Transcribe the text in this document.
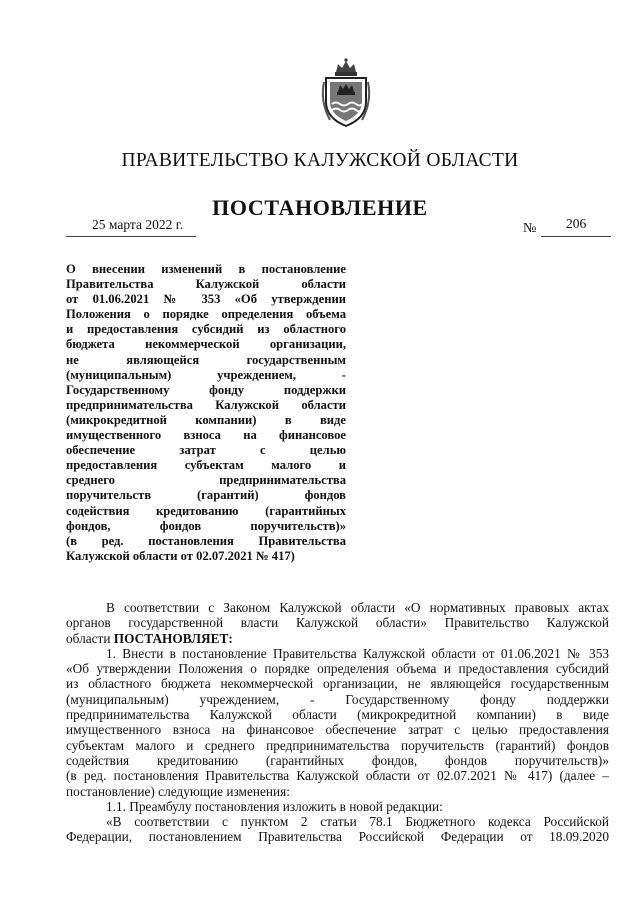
ПРАВИТЕЛЬСТВО КАЛУЖСКОЙ ОБЛАСТИ
ПОСТАНОВЛЕНИЕ
25 марта 2022 г.	№ 206
О внесении изменений в постановление
Правительства Калужской области
от 01.06.2021 № 353 «Об утверждении
Положения о порядке определения объема
и предоставления субсидий из областного
бюджета некоммерческой организации,
не являющейся государственным
(муниципальным) учреждением, -
Государственному фонду поддержки
предпринимательства Калужской области
(микрокредитной компании) в виде
имущественного взноса на финансовое
обеспечение затрат с целью
предоставления субъектам малого и
среднего предпринимательства
поручительств (гарантий) фондов
содействия кредитованию (гарантийных
фондов, фондов поручительств)»
(в ред. постановления Правительства
Калужской области от 02.07.2021 № 417)
В соответствии с Законом Калужской области «О нормативных правовых актах
органов государственной власти Калужской области» Правительство Калужской
области ПОСТАНОВЛЯЕТ:
1. Внести в постановление Правительства Калужской области от 01.06.2021 № 353
«Об утверждении Положения о порядке определения объема и предоставления субсидий
из областного бюджета некоммерческой организации, не являющейся государственным
(муниципальным) учреждением, - Государственному фонду поддержки
предпринимательства Калужской области (микрокредитной компании) в виде
имущественного взноса на финансовое обеспечение затрат с целью предоставления
субъектам малого и среднего предпринимательства поручительств (гарантий) фондов
содействия кредитованию (гарантийных фондов, фондов поручительств)»
(в ред. постановления Правительства Калужской области от 02.07.2021 № 417) (далее –
постановление) следующие изменения:
1.1. Преамбулу постановления изложить в новой редакции:
«В соответствии с пунктом 2 статьи 78.1 Бюджетного кодекса Российской
Федерации, постановлением Правительства Российской Федерации от 18.09.2020
